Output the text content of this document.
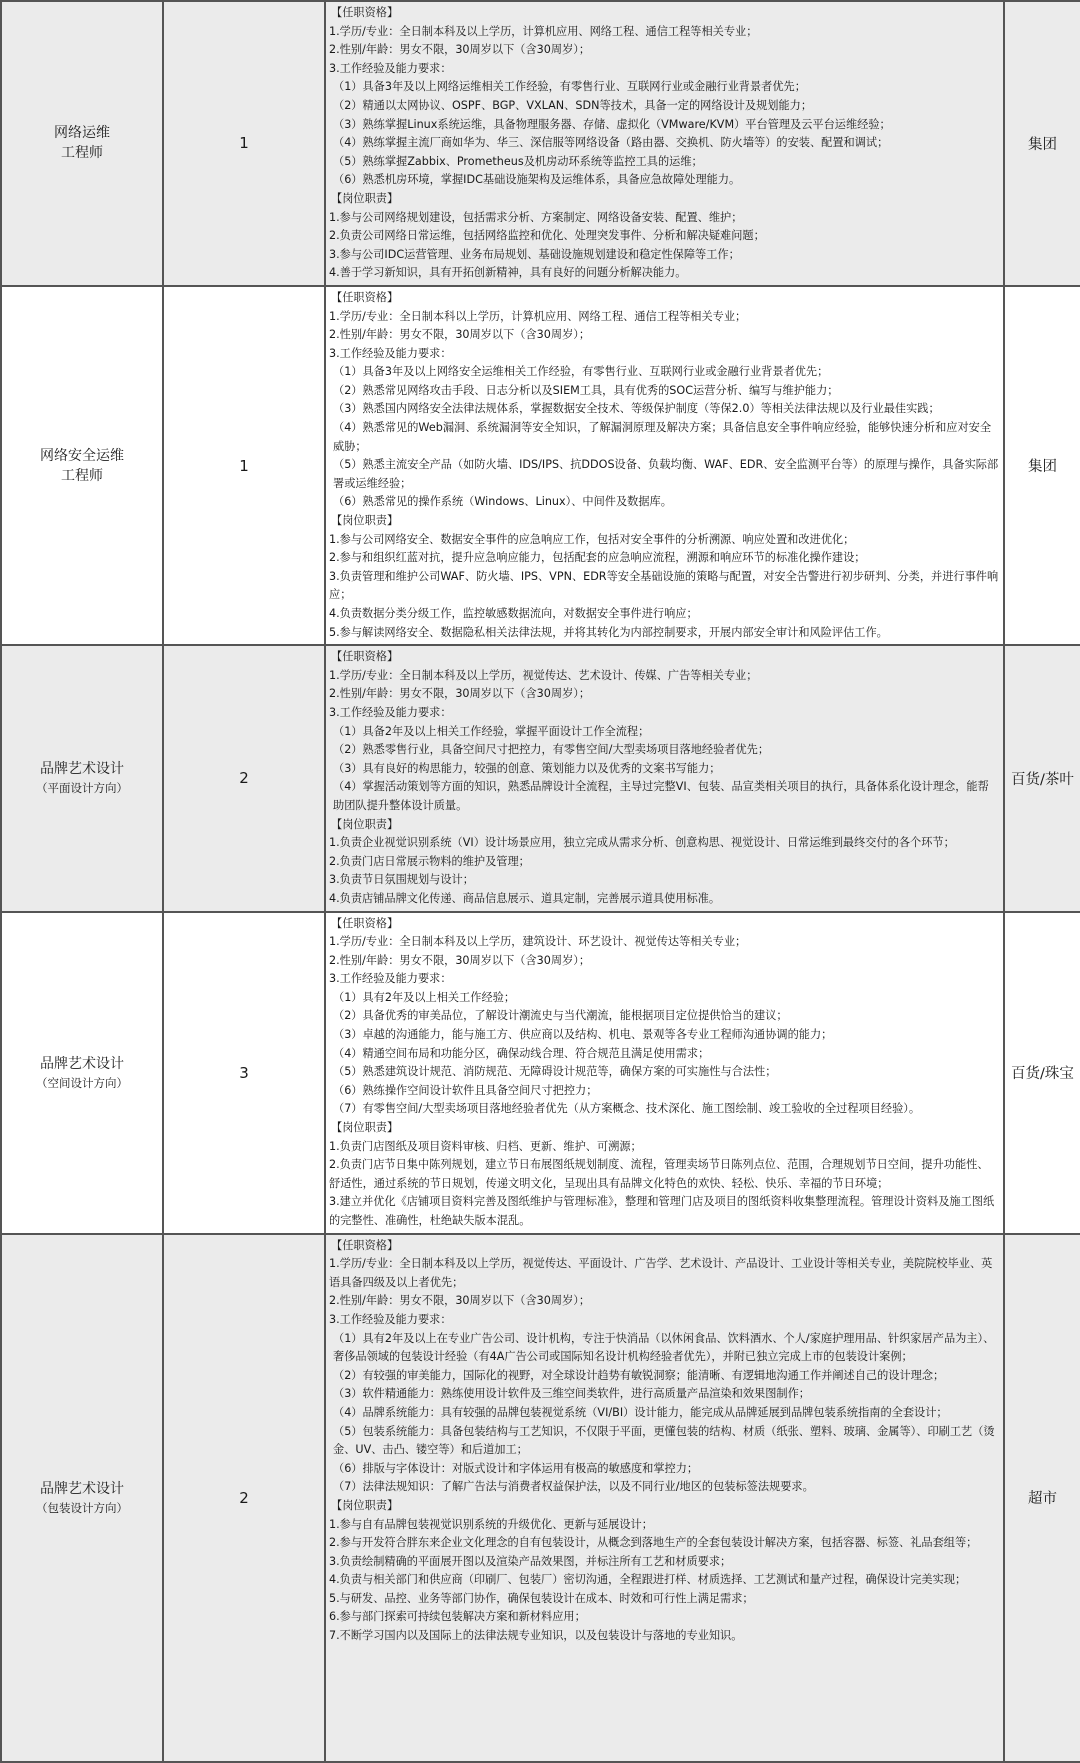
网络运维
工程师	1	
【任职资格】
1.学历/专业：全日制本科及以上学历，计算机应用、网络工程、通信工程等相关专业；
2.性别/年龄：男女不限，30周岁以下（含30周岁）；
3.工作经验及能力要求：
（1）具备3年及以上网络运维相关工作经验，有零售行业、互联网行业或金融行业背景者优先；
（2）精通以太网协议、OSPF、BGP、VXLAN、SDN等技术，具备一定的网络设计及规划能力；
（3）熟练掌握Linux系统运维，具备物理服务器、存储、虚拟化（VMware/KVM）平台管理及云平台运维经验；
（4）熟练掌握主流厂商如华为、华三、深信服等网络设备（路由器、交换机、防火墙等）的安装、配置和调试；
（5）熟练掌握Zabbix、Prometheus及机房动环系统等监控工具的运维；
（6）熟悉机房环境，掌握IDC基础设施架构及运维体系，具备应急故障处理能力。
【岗位职责】
1.参与公司网络规划建设，包括需求分析、方案制定、网络设备安装、配置、维护；
2.负责公司网络日常运维，包括网络监控和优化、处理突发事件、分析和解决疑难问题；
3.参与公司IDC运营管理、业务布局规划、基础设施规划建设和稳定性保障等工作；
4.善于学习新知识，具有开拓创新精神，具有良好的问题分析解决能力。
	集团
网络安全运维
工程师	1	
【任职资格】
1.学历/专业：全日制本科以上学历，计算机应用、网络工程、通信工程等相关专业；
2.性别/年龄：男女不限，30周岁以下（含30周岁）；
3.工作经验及能力要求：
（1）具备3年及以上网络安全运维相关工作经验，有零售行业、互联网行业或金融行业背景者优先；
（2）熟悉常见网络攻击手段、日志分析以及SIEM工具，具有优秀的SOC运营分析、编写与维护能力；
（3）熟悉国内网络安全法律法规体系，掌握数据安全技术、等级保护制度（等保2.0）等相关法律法规以及行业最佳实践；
（4）熟悉常见的Web漏洞、系统漏洞等安全知识，了解漏洞原理及解决方案；具备信息安全事件响应经验，能够快速分析和应对安全威胁；
（5）熟悉主流安全产品（如防火墙、IDS/IPS、抗DDOS设备、负载均衡、WAF、EDR、安全监测平台等）的原理与操作，具备实际部署或运维经验；
（6）熟悉常见的操作系统（Windows、Linux）、中间件及数据库。
【岗位职责】
1.参与公司网络安全、数据安全事件的应急响应工作，包括对安全事件的分析溯源、响应处置和改进优化；
2.参与和组织红蓝对抗，提升应急响应能力，包括配套的应急响应流程，溯源和响应环节的标准化操作建设；
3.负责管理和维护公司WAF、防火墙、IPS、VPN、EDR等安全基础设施的策略与配置，对安全告警进行初步研判、分类，并进行事件响应；
4.负责数据分类分级工作，监控敏感数据流向，对数据安全事件进行响应；
5.参与解读网络安全、数据隐私相关法律法规，并将其转化为内部控制要求，开展内部安全审计和风险评估工作。
	集团
品牌艺术设计
（平面设计方向）
	2	
【任职资格】
1.学历/专业：全日制本科及以上学历，视觉传达、艺术设计、传媒、广告等相关专业；
2.性别/年龄：男女不限，30周岁以下（含30周岁）；
3.工作经验及能力要求：
（1）具备2年及以上相关工作经验，掌握平面设计工作全流程；
（2）熟悉零售行业，具备空间尺寸把控力，有零售空间/大型卖场项目落地经验者优先；
（3）具有良好的构思能力，较强的创意、策划能力以及优秀的文案书写能力；
（4）掌握活动策划等方面的知识，熟悉品牌设计全流程，主导过完整VI、包装、品宣类相关项目的执行，具备体系化设计理念，能帮助团队提升整体设计质量。
【岗位职责】
1.负责企业视觉识别系统（VI）设计场景应用，独立完成从需求分析、创意构思、视觉设计、日常运维到最终交付的各个环节；
2.负责门店日常展示物料的维护及管理；
3.负责节日氛围规划与设计；
4.负责店铺品牌文化传递、商品信息展示、道具定制，完善展示道具使用标准。
	百货/茶叶
品牌艺术设计
（空间设计方向）
	3	
【任职资格】
1.学历/专业：全日制本科及以上学历，建筑设计、环艺设计、视觉传达等相关专业；
2.性别/年龄：男女不限，30周岁以下（含30周岁）；
3.工作经验及能力要求：
（1）具有2年及以上相关工作经验；
（2）具备优秀的审美品位，了解设计潮流史与当代潮流，能根据项目定位提供恰当的建议；
（3）卓越的沟通能力，能与施工方、供应商以及结构、机电、景观等各专业工程师沟通协调的能力；
（4）精通空间布局和功能分区，确保动线合理、符合规范且满足使用需求；
（5）熟悉建筑设计规范、消防规范、无障碍设计规范等，确保方案的可实施性与合法性；
（6）熟练操作空间设计软件且具备空间尺寸把控力；
（7）有零售空间/大型卖场项目落地经验者优先（从方案概念、技术深化、施工图绘制、竣工验收的全过程项目经验）。
【岗位职责】
1.负责门店图纸及项目资料审核、归档、更新、维护、可溯源；
2.负责门店节日集中陈列规划，建立节日布展图纸规划制度、流程，管理卖场节日陈列点位、范围，合理规划节日空间，提升功能性、舒适性，通过系统的节日规划，传递文明文化，呈现出具有品牌文化特色的欢快、轻松、快乐、幸福的节日环境；
3.建立并优化《店铺项目资料完善及图纸维护与管理标准》，整理和管理门店及项目的图纸资料收集整理流程。管理设计资料及施工图纸的完整性、准确性，杜绝缺失版本混乱。
	百货/珠宝
品牌艺术设计
（包装设计方向）
	2	
【任职资格】
1.学历/专业：全日制本科及以上学历，视觉传达、平面设计、广告学、艺术设计、产品设计、工业设计等相关专业，美院院校毕业、英语具备四级及以上者优先；
2.性别/年龄：男女不限，30周岁以下（含30周岁）；
3.工作经验及能力要求：
（1）具有2年及以上在专业广告公司、设计机构，专注于快消品（以休闲食品、饮料酒水、个人/家庭护理用品、针织家居产品为主）、奢侈品领域的包装设计经验（有4A广告公司或国际知名设计机构经验者优先），并附已独立完成上市的包装设计案例；
（2）有较强的审美能力，国际化的视野，对全球设计趋势有敏锐洞察；能清晰、有逻辑地沟通工作并阐述自己的设计理念；
（3）软件精通能力：熟练使用设计软件及三维空间类软件，进行高质量产品渲染和效果图制作；
（4）品牌系统能力：具有较强的品牌包装视觉系统（VI/BI）设计能力，能完成从品牌延展到品牌包装系统指南的全套设计；
（5）包装系统能力：具备包装结构与工艺知识，不仅限于平面，更懂包装的结构、材质（纸张、塑料、玻璃、金属等）、印刷工艺（烫金、UV、击凸、镂空等）和后道加工；
（6）排版与字体设计：对版式设计和字体运用有极高的敏感度和掌控力；
（7）法律法规知识：了解广告法与消费者权益保护法，以及不同行业/地区的包装标签法规要求。
【岗位职责】
1.参与自有品牌包装视觉识别系统的升级优化、更新与延展设计；
2.参与开发符合胖东来企业文化理念的自有包装设计，从概念到落地生产的全套包装设计解决方案，包括容器、标签、礼品套组等；
3.负责绘制精确的平面展开图以及渲染产品效果图，并标注所有工艺和材质要求；
4.负责与相关部门和供应商（印刷厂、包装厂）密切沟通，全程跟进打样、材质选择、工艺测试和量产过程，确保设计完美实现；
5.与研发、品控、业务等部门协作，确保包装设计在成本、时效和可行性上满足需求；
6.参与部门探索可持续包装解决方案和新材料应用；
7.不断学习国内以及国际上的法律法规专业知识，以及包装设计与落地的专业知识。
	超市
